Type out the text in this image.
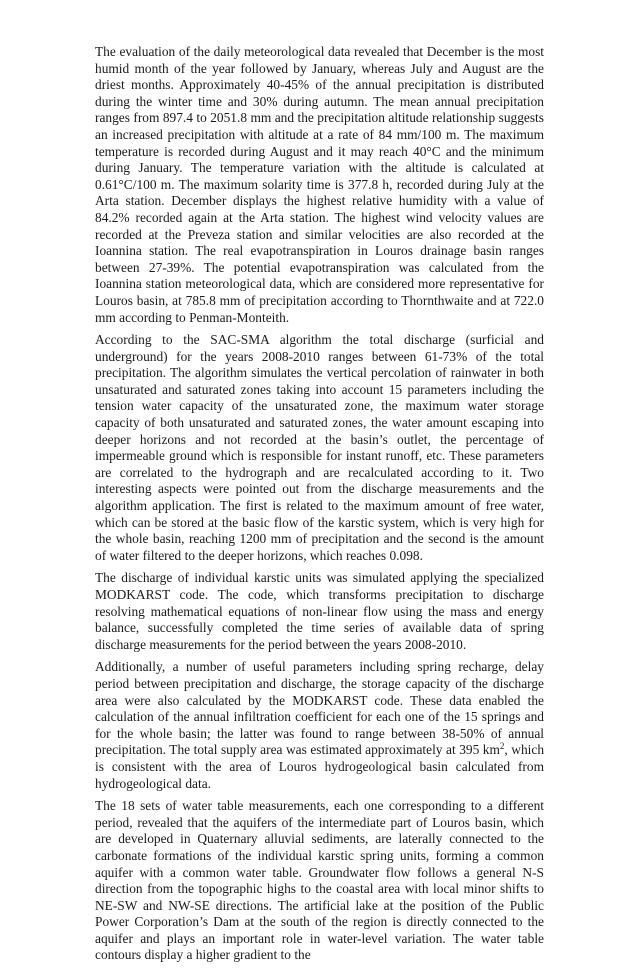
The evaluation of the daily meteorological data revealed that December is the most humid month of the year followed by January, whereas July and August are the driest months. Approximately 40-45% of the annual precipitation is distributed during the winter time and 30% during autumn. The mean annual precipitation ranges from 897.4 to 2051.8 mm and the precipitation altitude relationship suggests an increased precipitation with altitude at a rate of 84 mm/100 m. The maximum temperature is recorded during August and it may reach 40°C and the minimum during January. The temperature variation with the altitude is calculated at 0.61°C/100 m. The maximum solarity time is 377.8 h, recorded during July at the Arta station. December displays the highest relative humidity with a value of 84.2% recorded again at the Arta station. The highest wind velocity values are recorded at the Preveza station and similar velocities are also recorded at the Ioannina station. The real evapotranspiration in Louros drainage basin ranges between 27-39%. The potential evapotranspiration was calculated from the Ioannina station meteorological data, which are considered more representative for Louros basin, at 785.8 mm of precipitation according to Thornthwaite and at 722.0 mm according to Penman-Monteith.

According to the SAC-SMA algorithm the total discharge (surficial and underground) for the years 2008-2010 ranges between 61-73% of the total precipitation. The algorithm simulates the vertical percolation of rainwater in both unsaturated and saturated zones taking into account 15 parameters including the tension water capacity of the unsaturated zone, the maximum water storage capacity of both unsaturated and saturated zones, the water amount escaping into deeper horizons and not recorded at the basin’s outlet, the percentage of impermeable ground which is responsible for instant runoff, etc. These parameters are correlated to the hydrograph and are recalculated according to it. Two interesting aspects were pointed out from the discharge measurements and the algorithm application. The first is related to the maximum amount of free water, which can be stored at the basic flow of the karstic system, which is very high for the whole basin, reaching 1200 mm of precipitation and the second is the amount of water filtered to the deeper horizons, which reaches 0.098.

The discharge of individual karstic units was simulated applying the specialized MODKARST code. The code, which transforms precipitation to discharge resolving mathematical equations of non-linear flow using the mass and energy balance, successfully completed the time series of available data of spring discharge measurements for the period between the years 2008-2010.

Additionally, a number of useful parameters including spring recharge, delay period between precipitation and discharge, the storage capacity of the discharge area were also calculated by the MODKARST code. These data enabled the calculation of the annual infiltration coefficient for each one of the 15 springs and for the whole basin; the latter was found to range between 38-50% of annual precipitation. The total supply area was estimated approximately at 395 $km^2$, which is consistent with the area of Louros hydrogeological basin calculated from hydrogeological data.

The 18 sets of water table measurements, each one corresponding to a different period, revealed that the aquifers of the intermediate part of Louros basin, which are developed in Quaternary alluvial sediments, are laterally connected to the carbonate formations of the individual karstic spring units, forming a common aquifer with a common water table. Groundwater flow follows a general N-S direction from the topographic highs to the coastal area with local minor shifts to NE-SW and NW-SE directions. The artificial lake at the position of the Public Power Corporation’s Dam at the south of the region is directly connected to the aquifer and plays an important role in water-level variation. The water table contours display a higher gradient to the
